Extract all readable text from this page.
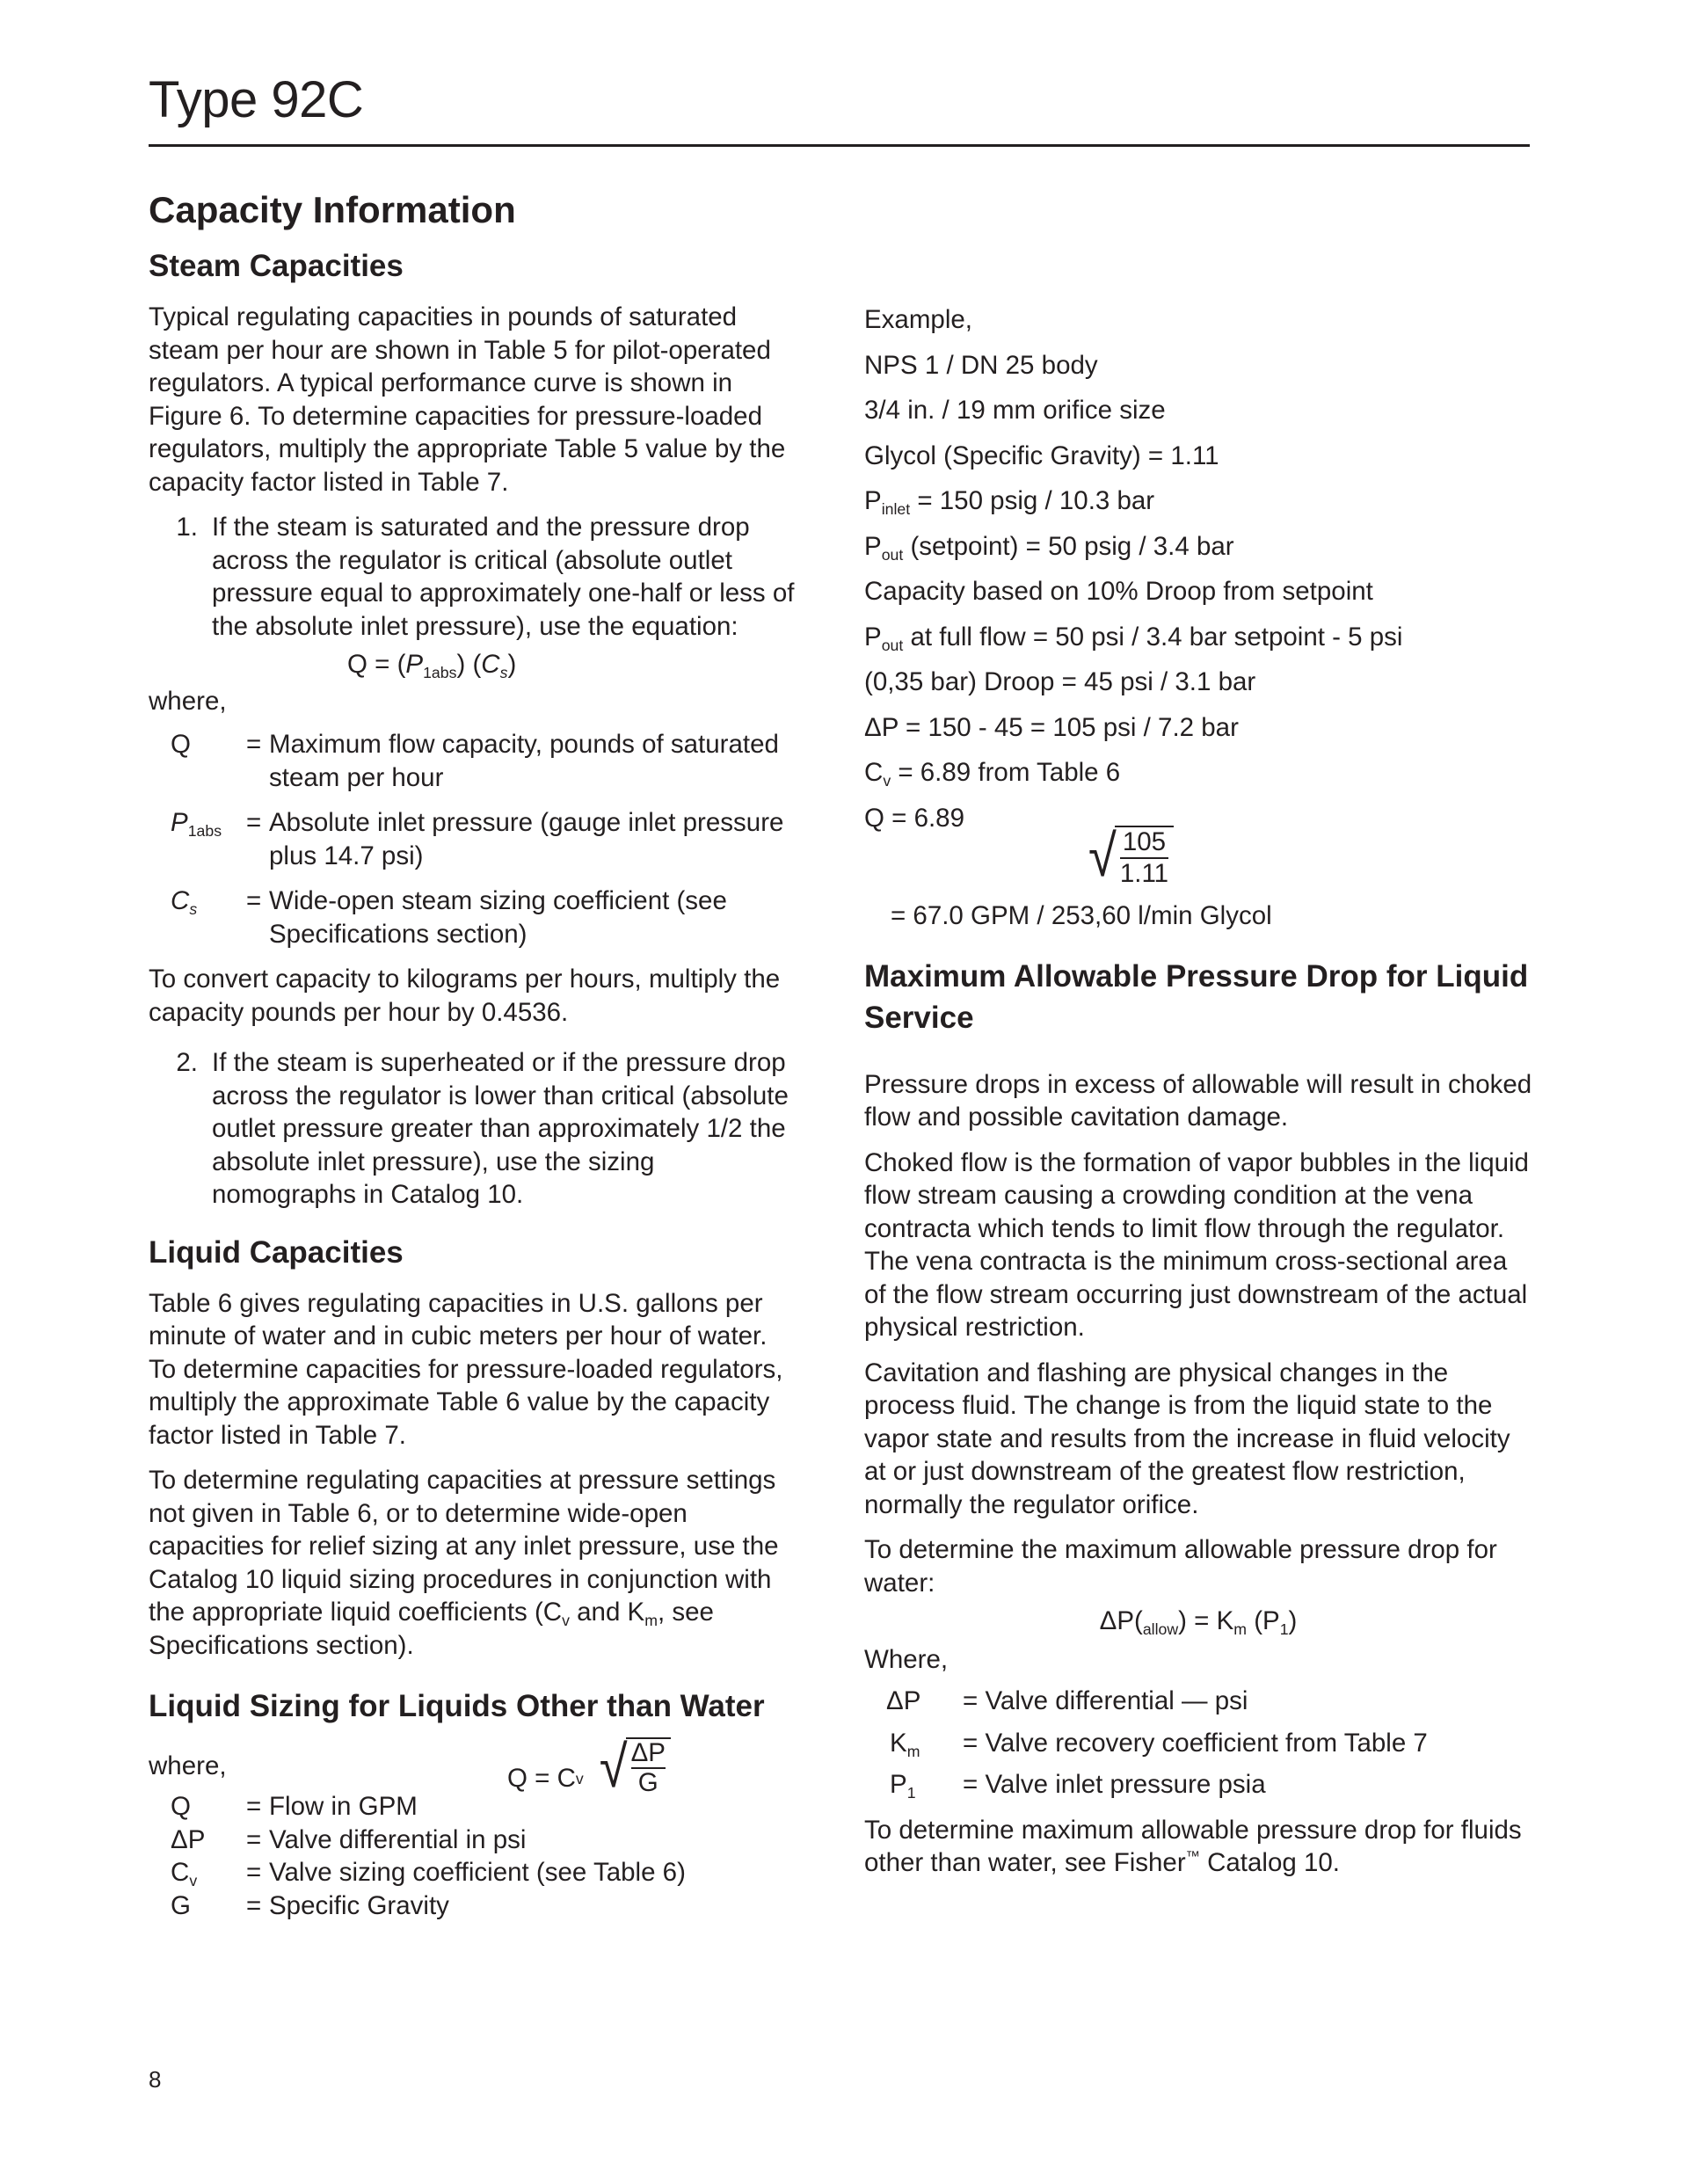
Type 92C
Capacity Information
Steam Capacities

Typical regulating capacities in pounds of saturated steam per hour are shown in Table 5 for pilot-operated regulators. A typical performance curve is shown in Figure 6. To determine capacities for pressure-loaded regulators, multiply the appropriate Table 5 value by the capacity factor listed in Table 7.

1. If the steam is saturated and the pressure drop across the regulator is critical (absolute outlet pressure equal to approximately one-half or less of the absolute inlet pressure), use the equation:
$Q = (P_{1abs})$ $(C_s)$

where,

Q	= Maximum flow capacity, pounds of saturated steam per hour
$P_{1abs}$ = Absolute inlet pressure (gauge inlet pressure plus 14.7 psi)
$C_s$	= Wide-open steam sizing coefficient (see Specifications section)

To convert capacity to kilograms per hours, multiply the capacity pounds per hour by 0.4536.

2. If the steam is superheated or if the pressure drop across the regulator is lower than critical (absolute outlet pressure greater than approximately 1/2 the absolute inlet pressure), use the sizing nomographs in Catalog 10.
Liquid Capacities

Table 6 gives regulating capacities in U.S. gallons per minute of water and in cubic meters per hour of water. To determine capacities for pressure-loaded regulators, multiply the approximate Table 6 value by the capacity factor listed in Table 7.

To determine regulating capacities at pressure settings not given in Table 6, or to determine wide-open capacities for relief sizing at any inlet pressure, use the Catalog 10 liquid sizing procedures in conjunction with the appropriate liquid coefficients ($C_v$ and $K_m$, see Specifications section).

Liquid Sizing for Liquids Other than Water
where,	Q = C v √ ΔP
G
Q	= Flow in GPM
ΔP	= Valve differential in psi
$C_v$	= Valve sizing coefficient (see Table 6)
G	= Specific Gravity
Example,
NPS 1 / DN 25 body
3/4 in. / 19 mm orifice size
Glycol (Specific Gravity) = 1.11
$P_{inlet} = 150$ psig / 10.3 bar
$P_{out}$ (setpoint) = 50 psig / 3.4 bar
Capacity based on 10% Droop from setpoint
$P_{out}$ at full flow = 50 psi / 3.4 bar setpoint - 5 psi
(0,35 bar) Droop = 45 psi / 3.1 bar
ΔP = 150 - 45 = 105 psi / 7.2 bar
$C_v = 6.89$ from Table 6
Q = 6.89
√ 105
1.11
= 67.0 GPM / 253,60 l/min Glycol
Maximum Allowable Pressure Drop for Liquid Service

Pressure drops in excess of allowable will result in choked flow and possible cavitation damage.

Choked flow is the formation of vapor bubbles in the liquid flow stream causing a crowding condition at the vena contracta which tends to limit flow through the regulator. The vena contracta is the minimum cross-sectional area of the flow stream occurring just downstream of the actual physical restriction.

Cavitation and flashing are physical changes in the process fluid. The change is from the liquid state to the vapor state and results from the increase in fluid velocity at or just downstream of the greatest flow restriction, normally the regulator orifice.

To determine the maximum allowable pressure drop for water:

$\Delta P(_{allow}) = K_m$ $(P_1)$

Where,

ΔP	= Valve differential — psi
$K_m$	= Valve recovery coefficient from Table 7
$P_1$	= Valve inlet pressure psia

To determine maximum allowable pressure drop for fluids other than water, see Fisher™ Catalog 10.

8
